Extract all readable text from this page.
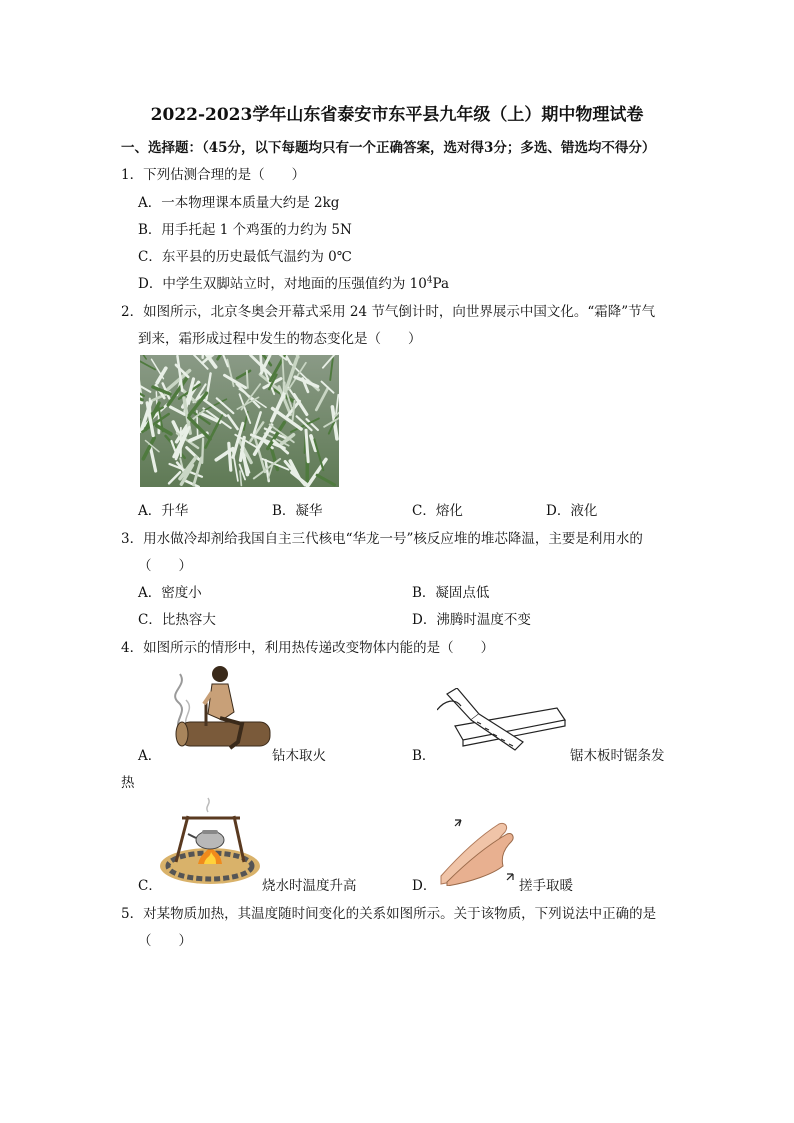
2022-2023学年山东省泰安市东平县九年级（上）期中物理试卷
一、选择题：（45分，以下每题均只有一个正确答案，选对得3分；多选、错选均不得分）
1．下列估测合理的是（　　）
A．一本物理课本质量大约是 2kg
B．用手托起 1 个鸡蛋的力约为 5N
C．东平县的历史最低气温约为 0℃
D．中学生双脚站立时，对地面的压强值约为 $10^4Pa$
2．如图所示，北京冬奥会开幕式采用 24 节气倒计时，向世界展示中国文化。“霜降”节气
到来，霜形成过程中发生的物态变化是（　　）
A．升华	B．凝华	C．熔化	D．液化
3．用水做冷却剂给我国自主三代核电“华龙一号”核反应堆的堆芯降温，主要是利用水的
（　　）
A．密度小	B．凝固点低
C．比热容大	D．沸腾时温度不变
4．如图所示的情形中，利用热传递改变物体内能的是（　　）
A．	钻木取火	B．	锯木板时锯条发
热
C．	烧水时温度升高	D．	搓手取暖
5．对某物质加热，其温度随时间变化的关系如图所示。关于该物质，下列说法中正确的是
（　　）
